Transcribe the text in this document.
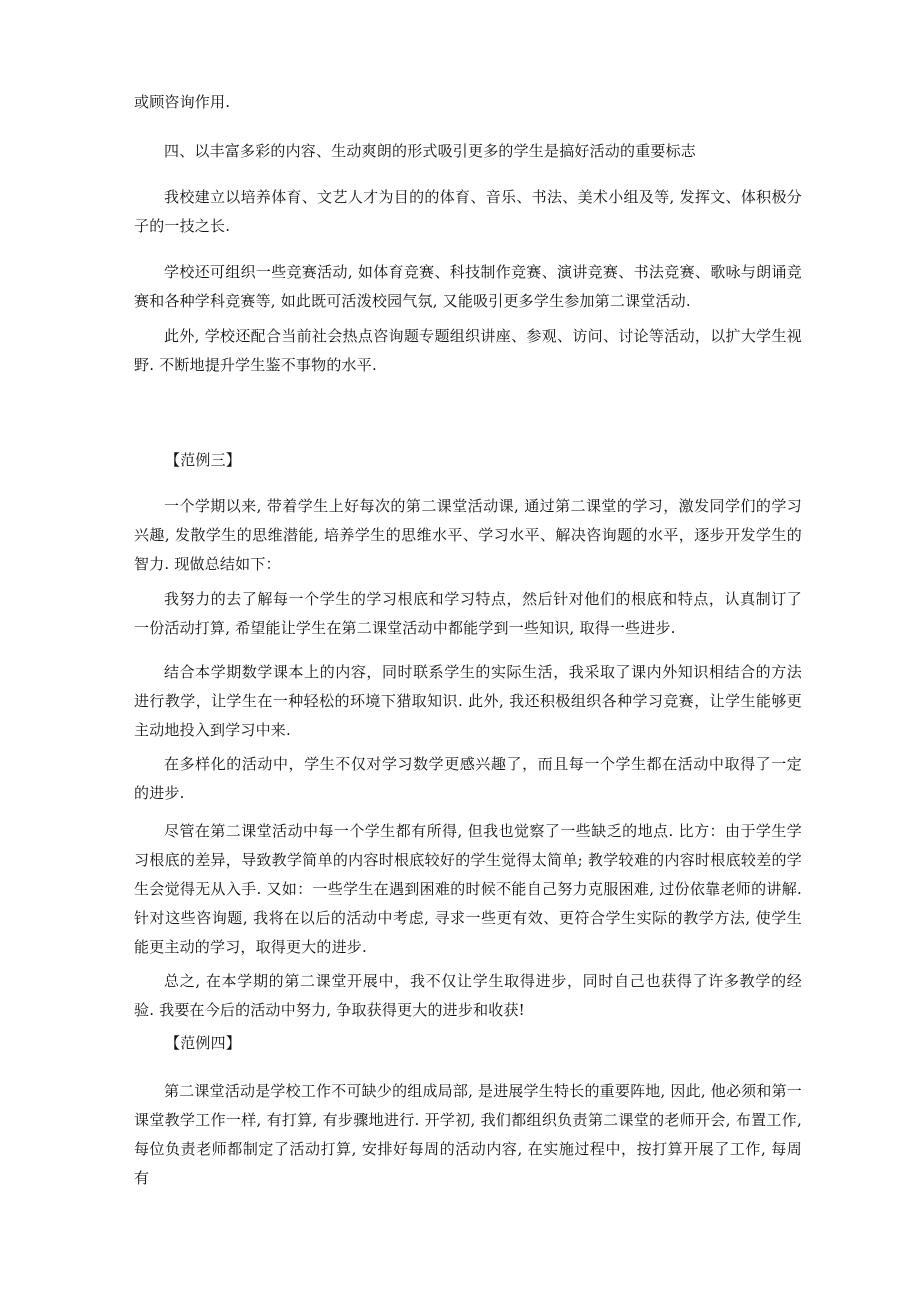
或顾咨询作用.

四、以丰富多彩的内容、生动爽朗的形式吸引更多的学生是搞好活动的重要标志

我校建立以培养体育、文艺人才为目的的体育、音乐、书法、美术小组及等, 发挥文、体积极分子的一技之长.

学校还可组织一些竞赛活动, 如体育竞赛、科技制作竞赛、演讲竞赛、书法竞赛、歌咏与朗诵竞赛和各种学科竞赛等, 如此既可活泼校园气氛, 又能吸引更多学生参加第二课堂活动.

此外, 学校还配合当前社会热点咨询题专题组织讲座、参观、访问、讨论等活动，以扩大学生视野. 不断地提升学生鉴不事物的水平.

【范例三】

一个学期以来, 带着学生上好每次的第二课堂活动课, 通过第二课堂的学习，激发同学们的学习兴趣, 发散学生的思维潜能, 培养学生的思维水平、学习水平、解决咨询题的水平，逐步开发学生的智力. 现做总结如下：

我努力的去了解每一个学生的学习根底和学习特点，然后针对他们的根底和特点，认真制订了一份活动打算, 希望能让学生在第二课堂活动中都能学到一些知识, 取得一些进步.

结合本学期数学课本上的内容，同时联系学生的实际生活，我采取了课内外知识相结合的方法进行教学，让学生在一种轻松的环境下猎取知识. 此外, 我还积极组织各种学习竞赛，让学生能够更主动地投入到学习中来.

在多样化的活动中，学生不仅对学习数学更感兴趣了，而且每一个学生都在活动中取得了一定的进步.

尽管在第二课堂活动中每一个学生都有所得, 但我也觉察了一些缺乏的地点. 比方：由于学生学习根底的差异，导致教学简单的内容时根底较好的学生觉得太简单; 教学较难的内容时根底较差的学生会觉得无从入手. 又如：一些学生在遇到困难的时候不能自己努力克服困难, 过份依靠老师的讲解. 针对这些咨询题, 我将在以后的活动中考虑, 寻求一些更有效、更符合学生实际的教学方法, 使学生能更主动的学习，取得更大的进步.

总之, 在本学期的第二课堂开展中，我不仅让学生取得进步，同时自己也获得了许多教学的经验. 我要在今后的活动中努力, 争取获得更大的进步和收获!

【范例四】

第二课堂活动是学校工作不可缺少的组成局部, 是进展学生特长的重要阵地, 因此, 他必须和第一课堂教学工作一样, 有打算, 有步骤地进行. 开学初, 我们都组织负责第二课堂的老师开会, 布置工作, 每位负责老师都制定了活动打算, 安排好每周的活动内容, 在实施过程中，按打算开展了工作, 每周有
